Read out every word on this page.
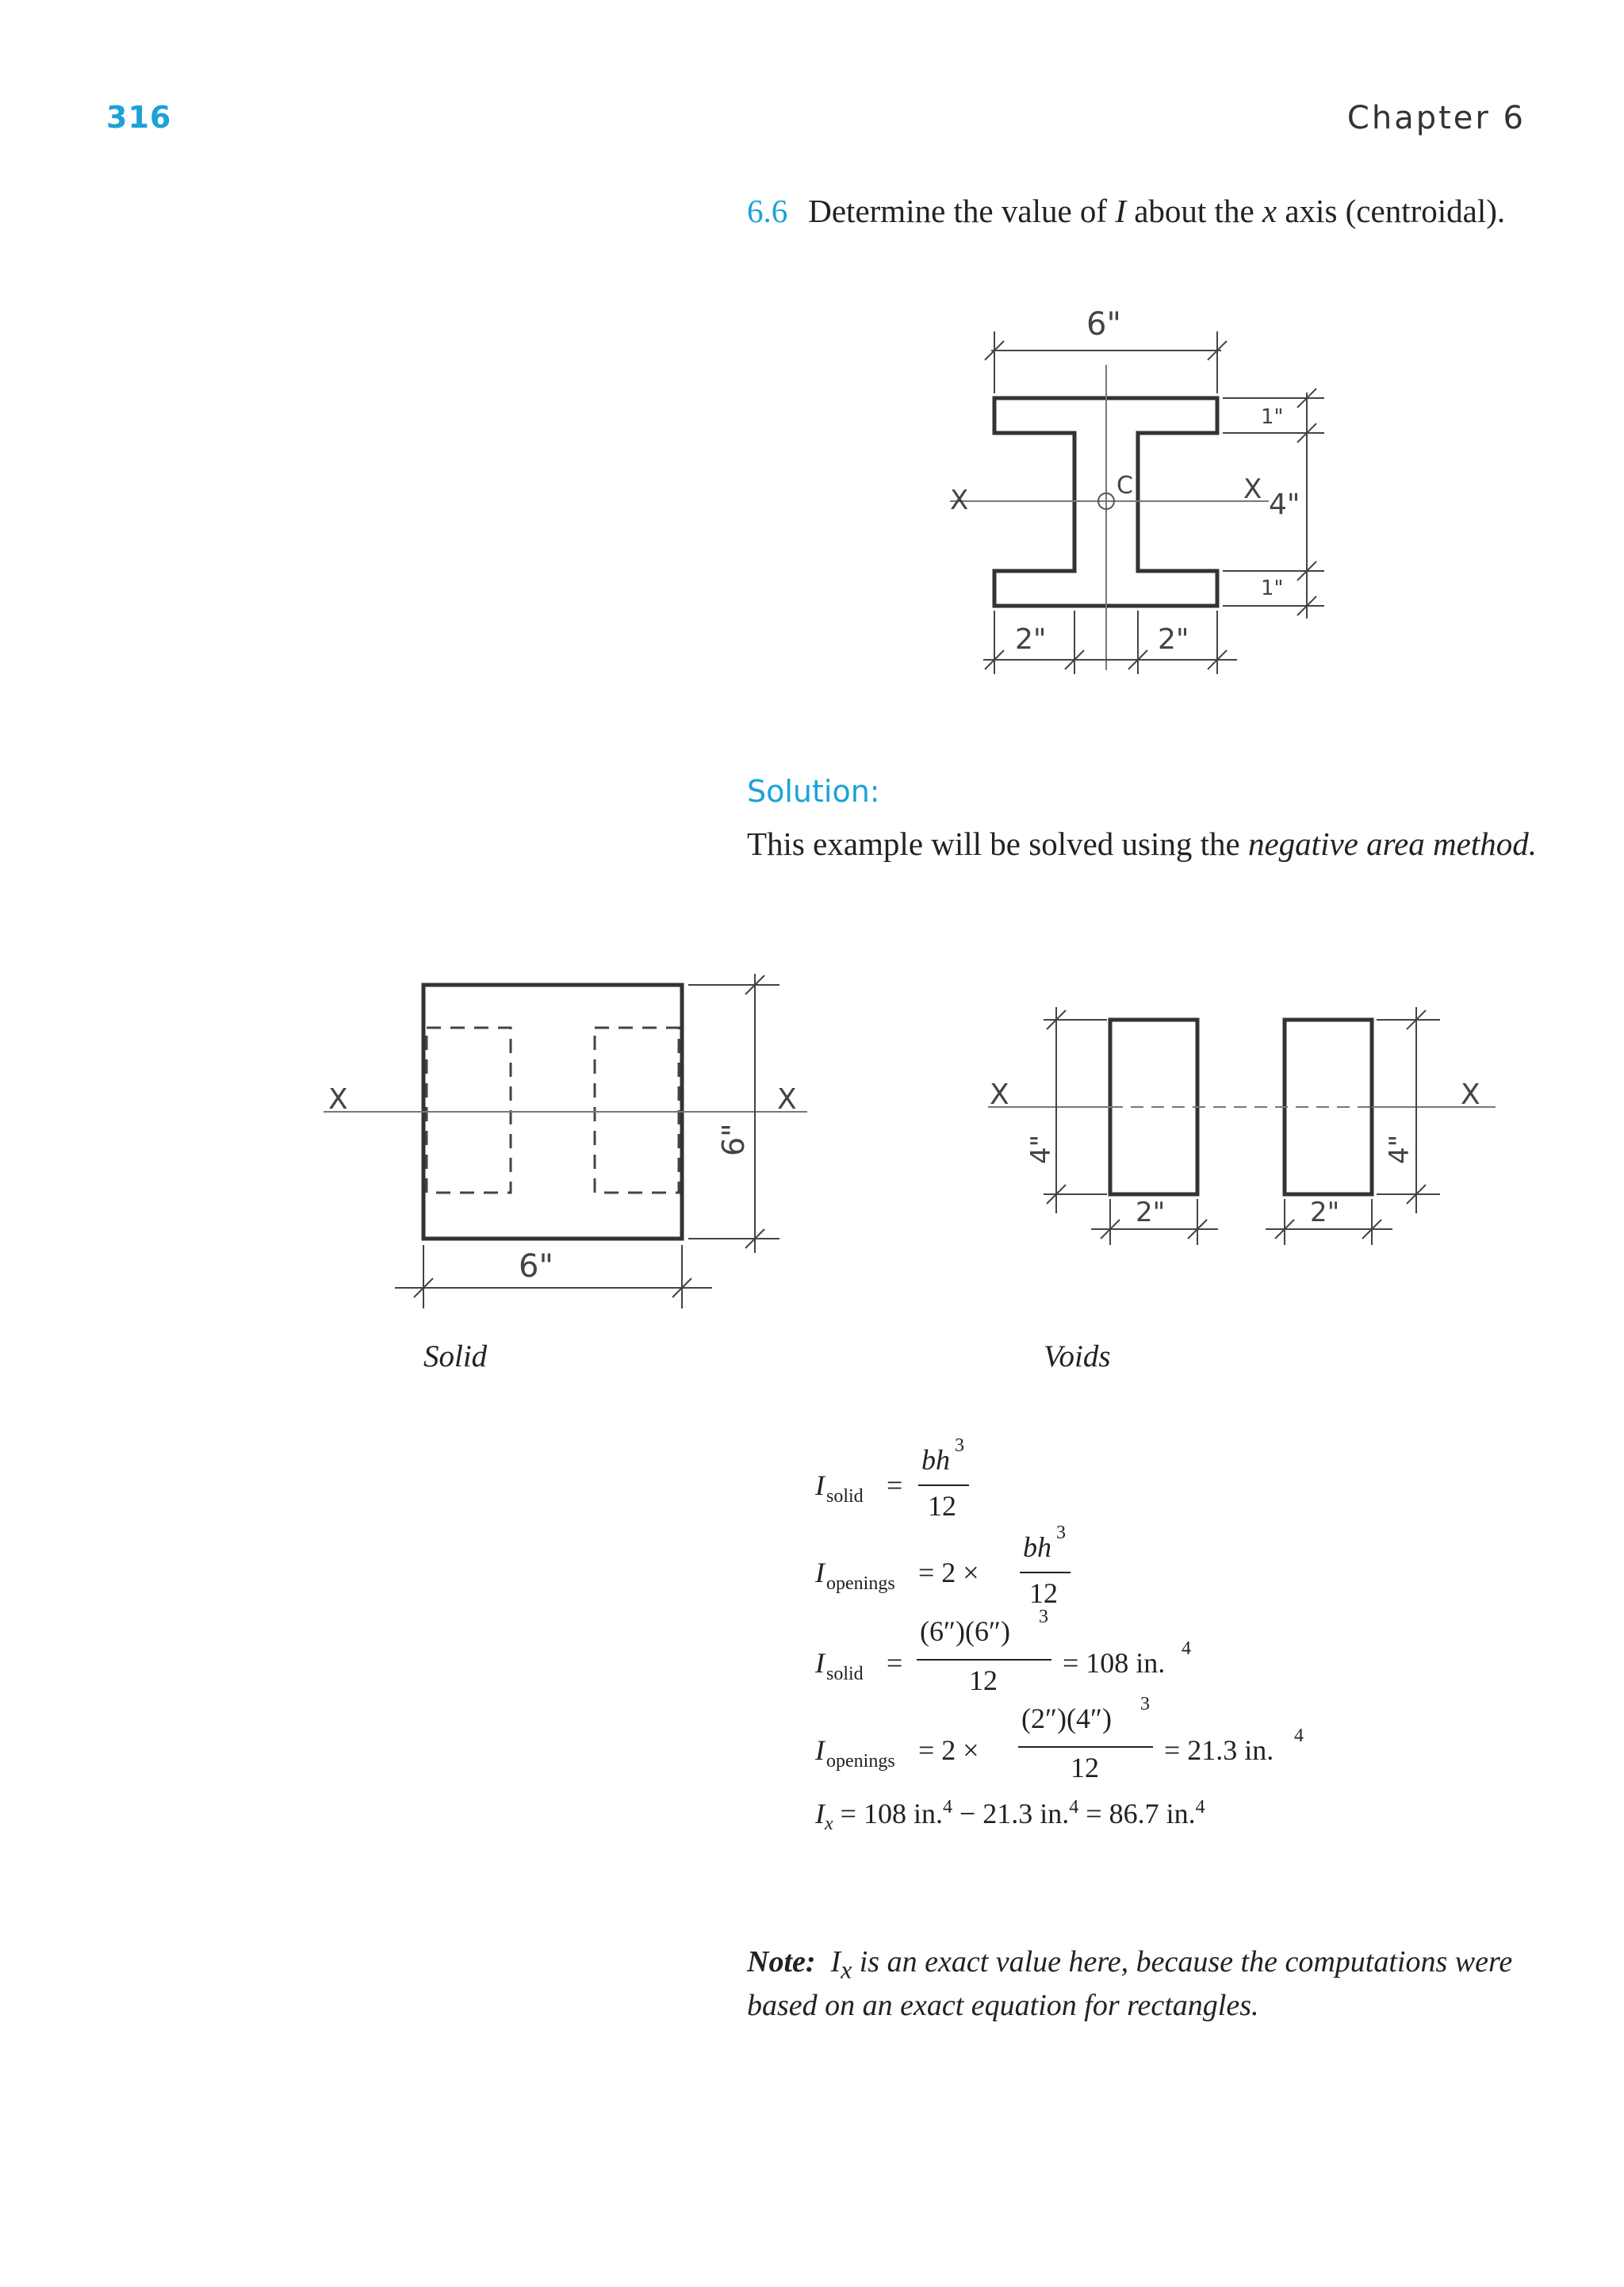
316	Chapter 6
6.6 Determine the value of I about the x axis (centroidal).
C
X	X
6"
1"
4"
1"
2"	2"
Solution:
This example will be solved using the negative area method.
X	X
6"
6"
Solid
X	X
4"	4"
2"	2"
Voids
I solid =
bh 3
12
I openings = 2 ×
bh 3
12
I solid =
(6″)(6″) 3
12
= 108 in. 4
I openings = 2 ×
(2″)(4″) 3
12
= 21.3 in. 4
$I_x = 108$ in.$^4$ − 21.3 in.$^4$ = 86.7 in.$^4$
Note: $I_x$ is an exact value here, because the computations were based on an exact equation for rectangles.
